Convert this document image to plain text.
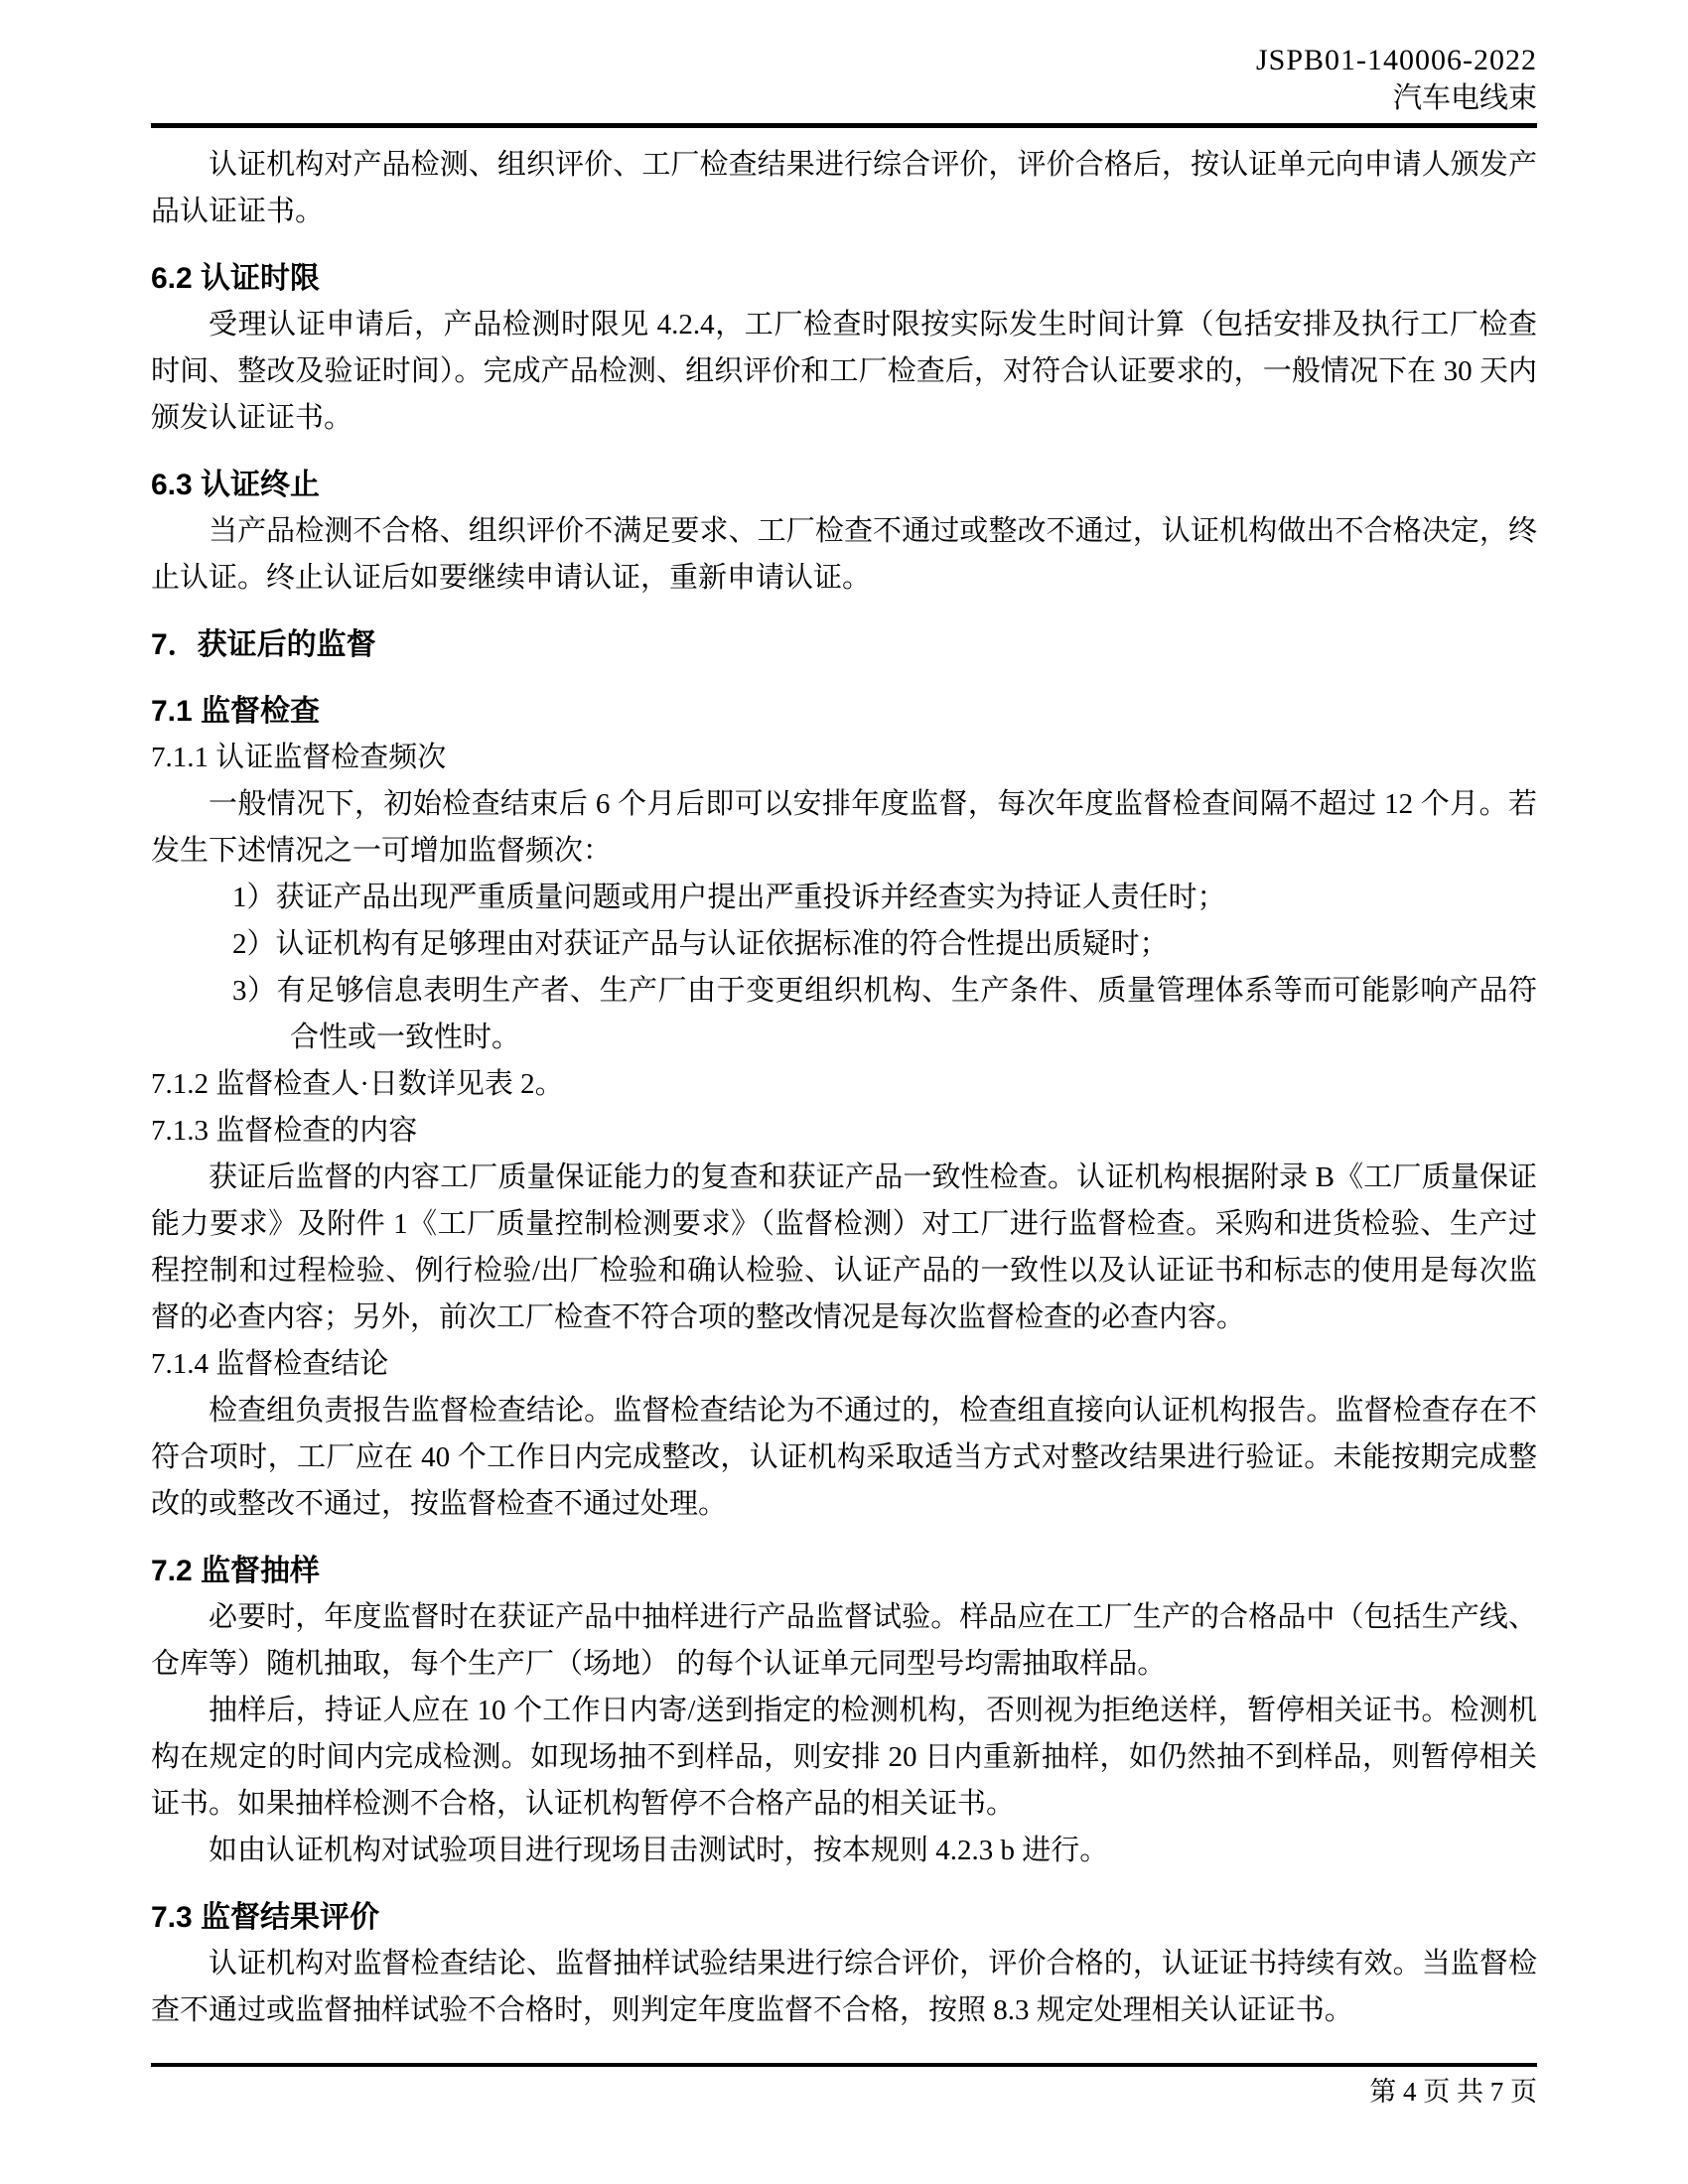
JSPB01-140006-2022
汽车电线束

认证机构对产品检测、组织评价、工厂检查结果进行综合评价，评价合格后，按认证单元向申请人颁发产品认证证书。

6.2 认证时限

受理认证申请后，产品检测时限见 4.2.4，工厂检查时限按实际发生时间计算（包括安排及执行工厂检查时间、整改及验证时间）。完成产品检测、组织评价和工厂检查后，对符合认证要求的，一般情况下在 30 天内颁发认证证书。

6.3 认证终止

当产品检测不合格、组织评价不满足要求、工厂检查不通过或整改不通过，认证机构做出不合格决定，终止认证。终止认证后如要继续申请认证，重新申请认证。

7．获证后的监督
7.1 监督检查

7.1.1 认证监督检查频次

一般情况下，初始检查结束后 6 个月后即可以安排年度监督，每次年度监督检查间隔不超过 12 个月。若发生下述情况之一可增加监督频次：

1）获证产品出现严重质量问题或用户提出严重投诉并经查实为持证人责任时；
2）认证机构有足够理由对获证产品与认证依据标准的符合性提出质疑时；
3）有足够信息表明生产者、生产厂由于变更组织机构、生产条件、质量管理体系等而可能影响产品符合性或一致性时。

7.1.2 监督检查人·日数详见表 2。

7.1.3 监督检查的内容

获证后监督的内容工厂质量保证能力的复查和获证产品一致性检查。认证机构根据附录 B《工厂质量保证能力要求》及附件 1《工厂质量控制检测要求》（监督检测）对工厂进行监督检查。采购和进货检验、生产过程控制和过程检验、例行检验/出厂检验和确认检验、认证产品的一致性以及认证证书和标志的使用是每次监督的必查内容；另外，前次工厂检查不符合项的整改情况是每次监督检查的必查内容。

7.1.4 监督检查结论

检查组负责报告监督检查结论。监督检查结论为不通过的，检查组直接向认证机构报告。监督检查存在不符合项时，工厂应在 40 个工作日内完成整改，认证机构采取适当方式对整改结果进行验证。未能按期完成整改的或整改不通过，按监督检查不通过处理。

7.2 监督抽样

必要时，年度监督时在获证产品中抽样进行产品监督试验。样品应在工厂生产的合格品中（包括生产线、仓库等）随机抽取，每个生产厂（场地） 的每个认证单元同型号均需抽取样品。

抽样后，持证人应在 10 个工作日内寄/送到指定的检测机构，否则视为拒绝送样，暂停相关证书。检测机构在规定的时间内完成检测。如现场抽不到样品，则安排 20 日内重新抽样，如仍然抽不到样品，则暂停相关证书。如果抽样检测不合格，认证机构暂停不合格产品的相关证书。

如由认证机构对试验项目进行现场目击测试时，按本规则 4.2.3 b 进行。

7.3 监督结果评价

认证机构对监督检查结论、监督抽样试验结果进行综合评价，评价合格的，认证证书持续有效。当监督检查不通过或监督抽样试验不合格时，则判定年度监督不合格，按照 8.3 规定处理相关认证证书。

第 4 页 共 7 页
